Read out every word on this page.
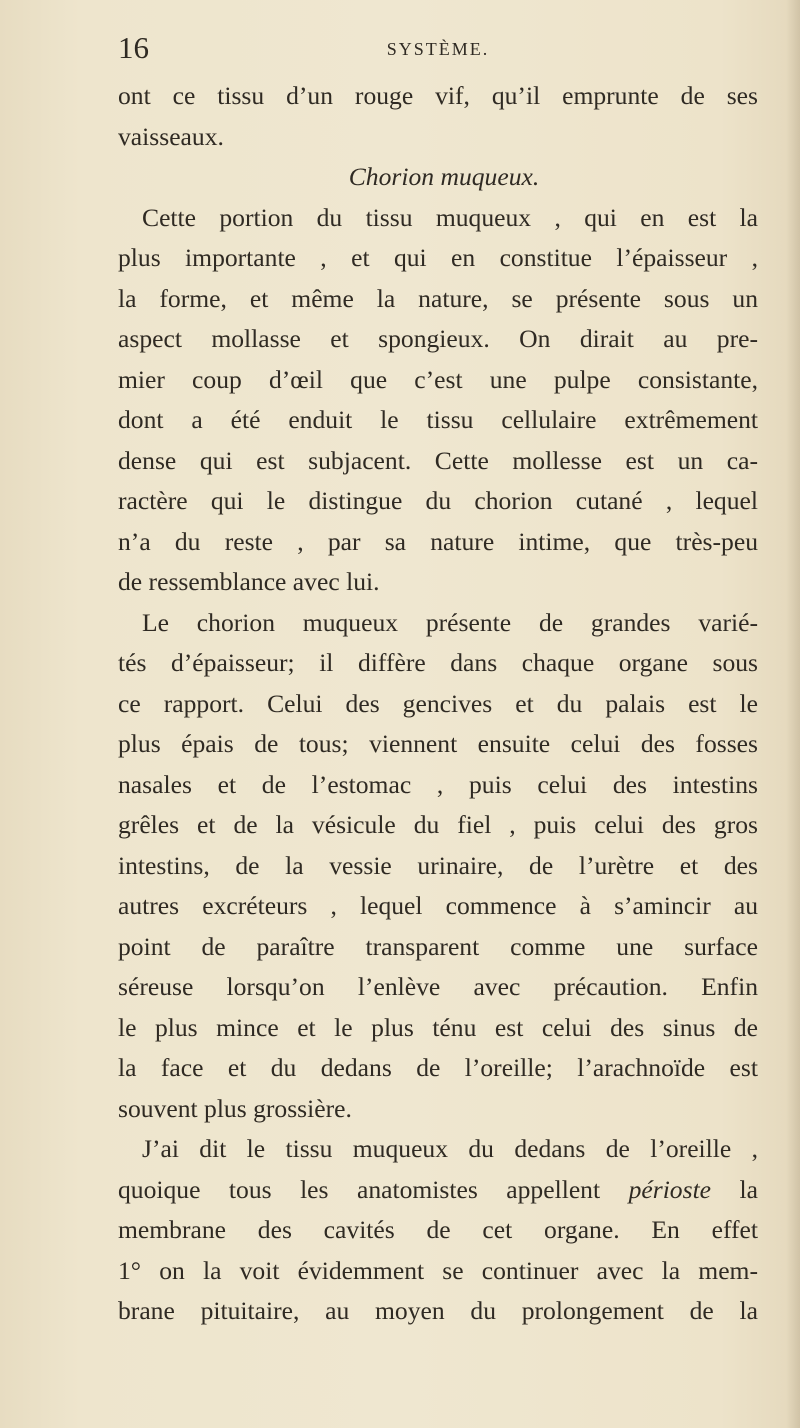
16	SYSTÈME.
ont ce tissu d’un rouge vif, qu’il emprunte de ses
vaisseaux.
Chorion muqueux.
Cette portion du tissu muqueux , qui en est la
plus importante , et qui en constitue l’épaisseur ,
la forme, et même la nature, se présente sous un
aspect mollasse et spongieux. On dirait au pre-
mier coup d’œil que c’est une pulpe consistante,
dont a été enduit le tissu cellulaire extrêmement
dense qui est subjacent. Cette mollesse est un ca-
ractère qui le distingue du chorion cutané , lequel
n’a du reste , par sa nature intime, que très-peu
de ressemblance avec lui.
Le chorion muqueux présente de grandes varié-
tés d’épaisseur; il diffère dans chaque organe sous
ce rapport. Celui des gencives et du palais est le
plus épais de tous; viennent ensuite celui des fosses
nasales et de l’estomac , puis celui des intestins
grêles et de la vésicule du fiel , puis celui des gros
intestins, de la vessie urinaire, de l’urètre et des
autres excréteurs , lequel commence à s’amincir au
point de paraître transparent comme une surface
séreuse lorsqu’on l’enlève avec précaution. Enfin
le plus mince et le plus ténu est celui des sinus de
la face et du dedans de l’oreille; l’arachnoïde est
souvent plus grossière.
J’ai dit le tissu muqueux du dedans de l’oreille ,
quoique tous les anatomistes appellent périoste la
membrane des cavités de cet organe. En effet
1° on la voit évidemment se continuer avec la mem-
brane pituitaire, au moyen du prolongement de la
